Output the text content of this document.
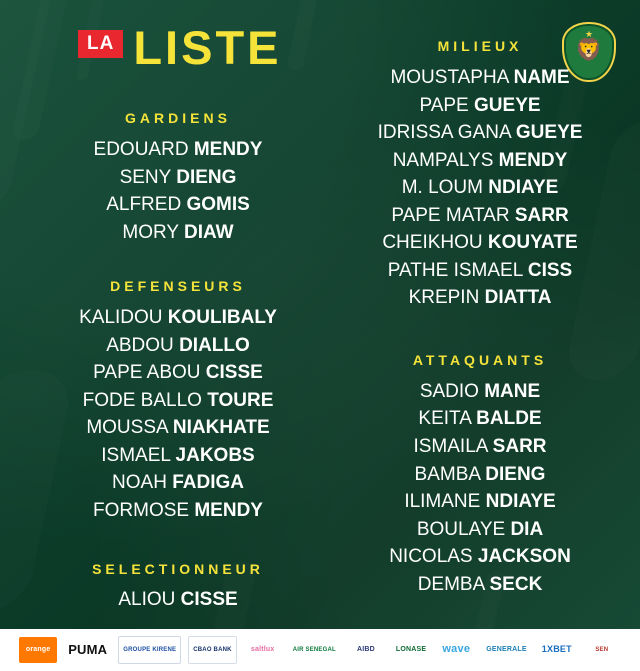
LA LISTE	★
🦁
GARDIENS
EDOUARD MENDY
SENY DIENG
ALFRED GOMIS
MORY DIAW
DEFENSEURS
KALIDOU KOULIBALY
ABDOU DIALLO
PAPE ABOU CISSE
FODE BALLO TOURE
MOUSSA NIAKHATE
ISMAEL JAKOBS
NOAH FADIGA
FORMOSE MENDY
SELECTIONNEUR
ALIOU CISSE
MILIEUX
MOUSTAPHA NAME
PAPE GUEYE
IDRISSA GANA GUEYE
NAMPALYS MENDY
M. LOUM NDIAYE
PAPE MATAR SARR
CHEIKHOU KOUYATE
PATHE ISMAEL CISS
KREPIN DIATTA
ATTAQUANTS
SADIO MANE
KEITA BALDE
ISMAILA SARR
BAMBA DIENG
ILIMANE NDIAYE
BOULAYE DIA
NICOLAS JACKSON
DEMBA SECK
orange	PUMA	GROUPE KIRENE	CBAO BANK	saltlux	AIR SENEGAL	AIBD	LONASE	wave	GENERALE	1XBET	SEN
